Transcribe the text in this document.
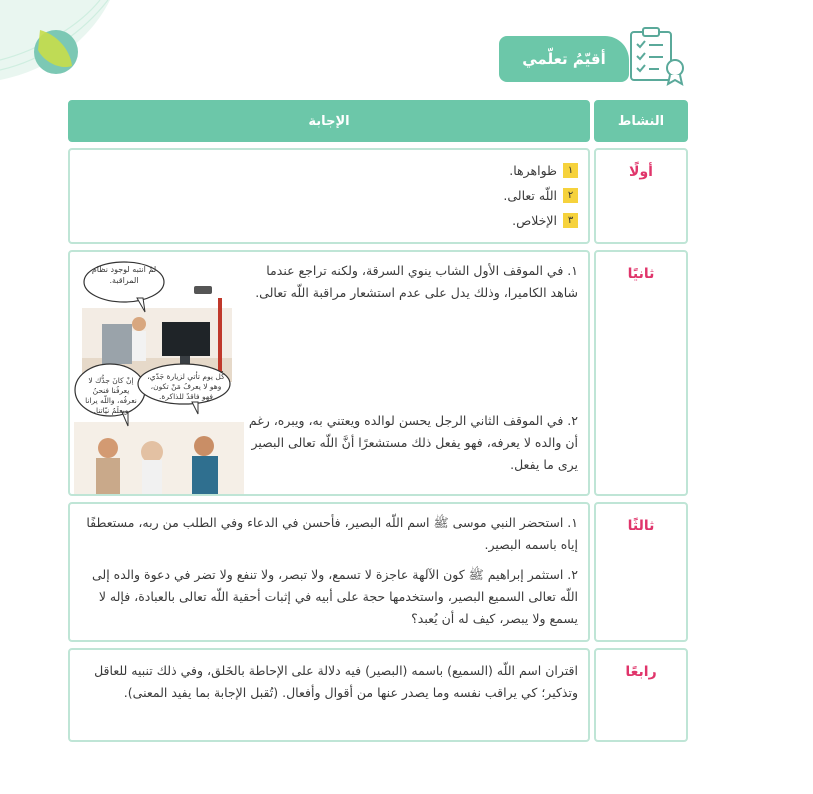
أقيّمُ تعلّمي
النشاط
الإجابة
أولًا
١
ظواهرها.
٢
اللّه تعالى.
٣
الإخلاص.
ثانيًا
١. في الموقف الأول الشاب ينوي السرقة، ولكنه تراجع عندما شاهد الكاميرا، وذلك يدل على عدم استشعار مراقبة اللّه تعالى.
٢. في الموقف الثاني الرجل يحسن لوالده ويعتني به، ويبره، رغم أن والده لا يعرفه، فهو يفعل ذلك مستشعرًا أنَّ اللّه تعالى البصير يرى ما يفعل.
لمْ انتبه لوجود نظام المراقبة.
كُل يوم تأتي لزيارة جَدّي، وهو لا يعرفُ مَنْ تكون، فهو فاقدٌ للذاكرة.
إنْ كانَ جدُّك لا يعرفُنا فنحنُ نعرفُه، واللّه يرانا ويعلَمُ نيّاتنا.
ثالثًا
١. استحضر النبي موسى ﷺ اسم اللّه البصير، فأحسن في الدعاء وفي الطلب من ربه، مستعطفًا إياه باسمه البصير.
٢. استثمر إبراهيم ﷺ كون الآلهة عاجزة لا تسمع، ولا تبصر، ولا تنفع ولا تضر في دعوة والده إلى اللّه تعالى السميع البصير، واستخدمها حجة على أبيه في إثبات أحقية اللّه تعالى بالعبادة، فإله لا يسمع ولا يبصر، كيف له أن يُعبد؟
رابعًا
اقتران اسم اللّه (السميع) باسمه (البصير) فيه دلالة على الإحاطة بالخَلق، وفي ذلك تنبيه للعاقل وتذكير؛ كي يراقب نفسه وما يصدر عنها من أقوال وأفعال. (تُقبل الإجابة بما يفيد المعنى).
